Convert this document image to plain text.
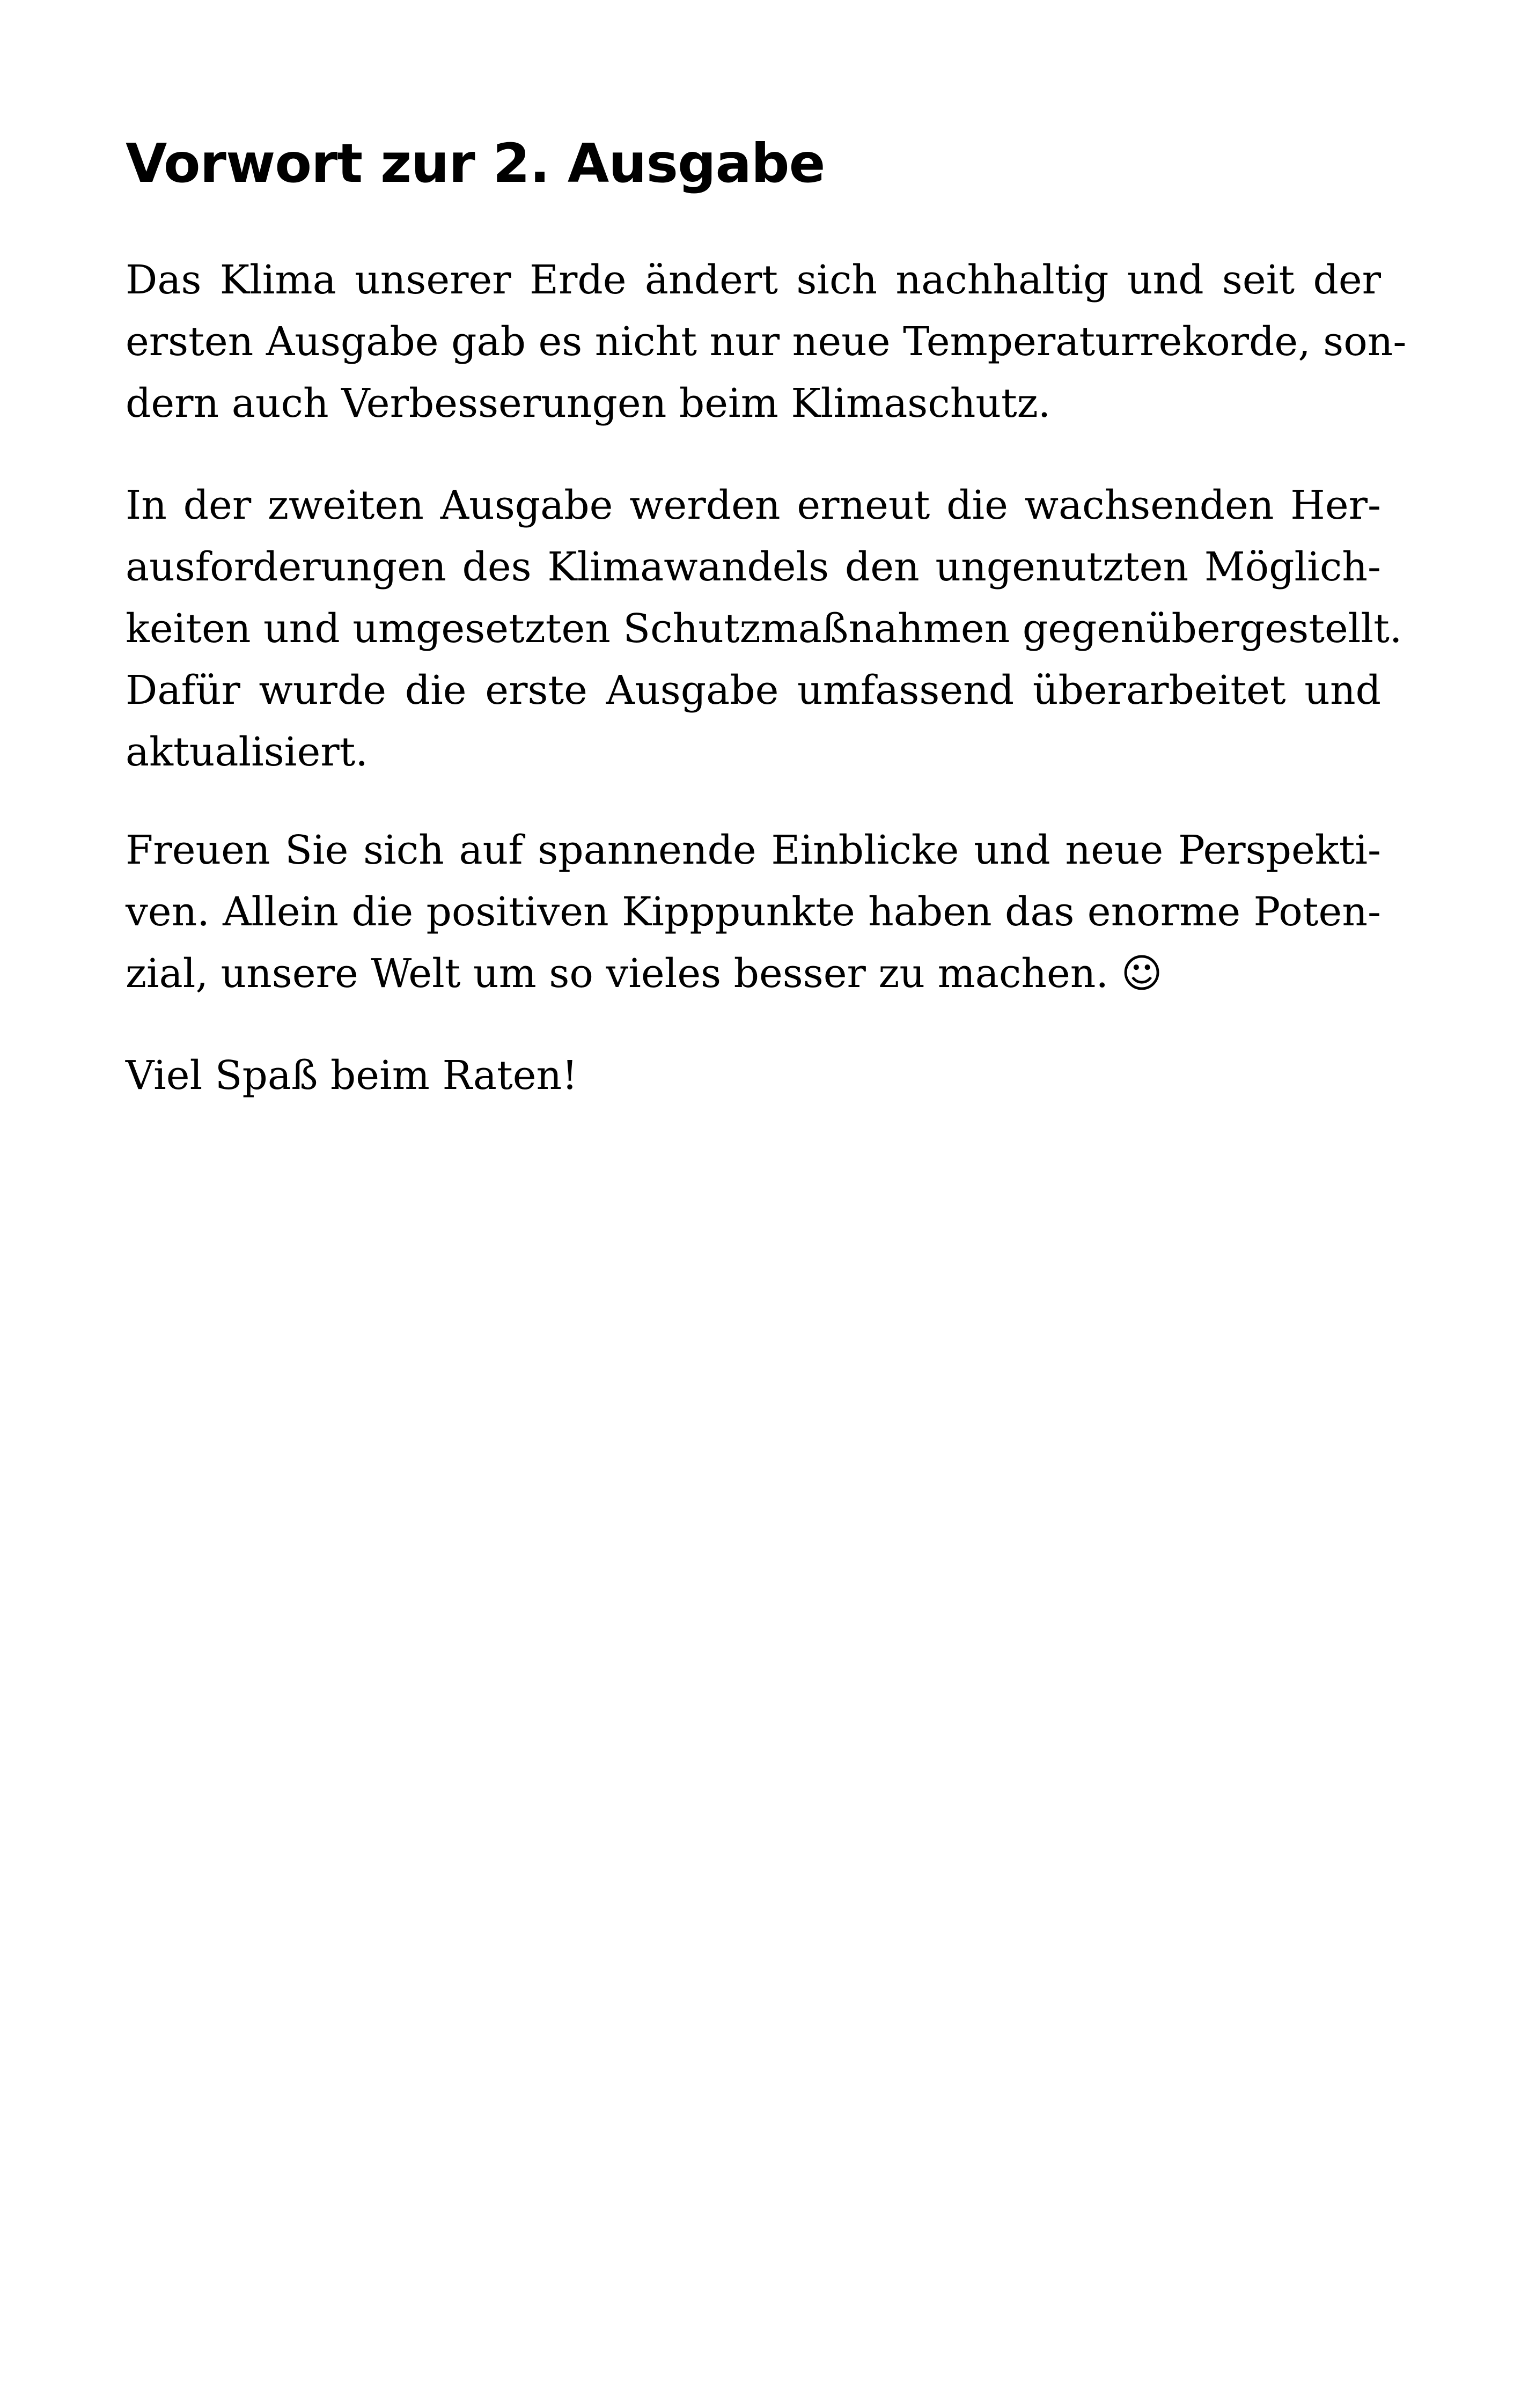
Vorwort zur 2. Ausgabe

Das Klima unserer Erde ändert sich nachhaltig und seit der
ersten Ausgabe gab es nicht nur neue Temperaturrekorde, son-
dern auch Verbesserungen beim Klimaschutz.

In der zweiten Ausgabe werden erneut die wachsenden Her-
ausforderungen des Klimawandels den ungenutzten Möglich-
keiten und umgesetzten Schutzmaßnahmen gegenübergestellt.
Dafür wurde die erste Ausgabe umfassend überarbeitet und
aktualisiert.

Freuen Sie sich auf spannende Einblicke und neue Perspekti-
ven. Allein die positiven Kipppunkte haben das enorme Poten-
zial, unsere Welt um so vieles besser zu machen. ☺

Viel Spaß beim Raten!
